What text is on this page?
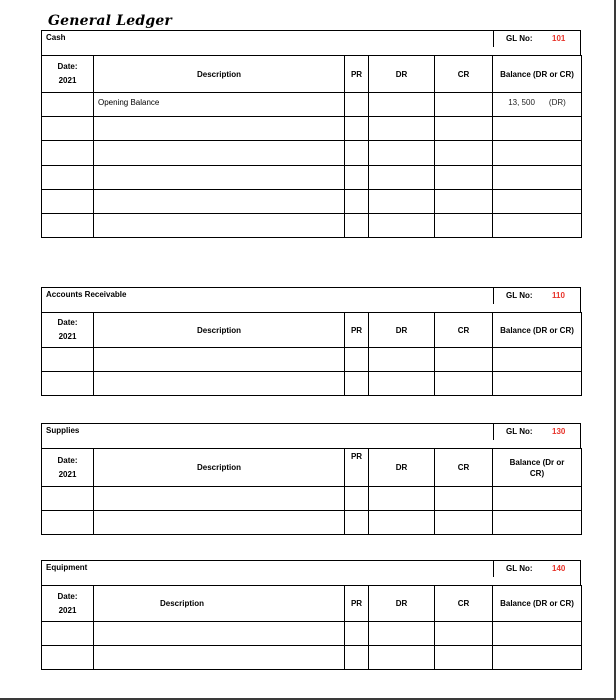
General Ledger
Cash	GL No: 101
Date:
2021	Description	PR	DR	CR	Balance (DR or CR)
	Opening Balance				13, 500 (DR)

Accounts Receivable	GL No: 110
Date:
2021	Description	PR	DR	CR	Balance (DR or CR)

Supplies	GL No: 130
Date:
2021	Description	PR	DR	CR	Balance (Dr or CR)

Equipment	GL No: 140
Date:
2021	Description	PR	DR	CR	Balance (DR or CR)
